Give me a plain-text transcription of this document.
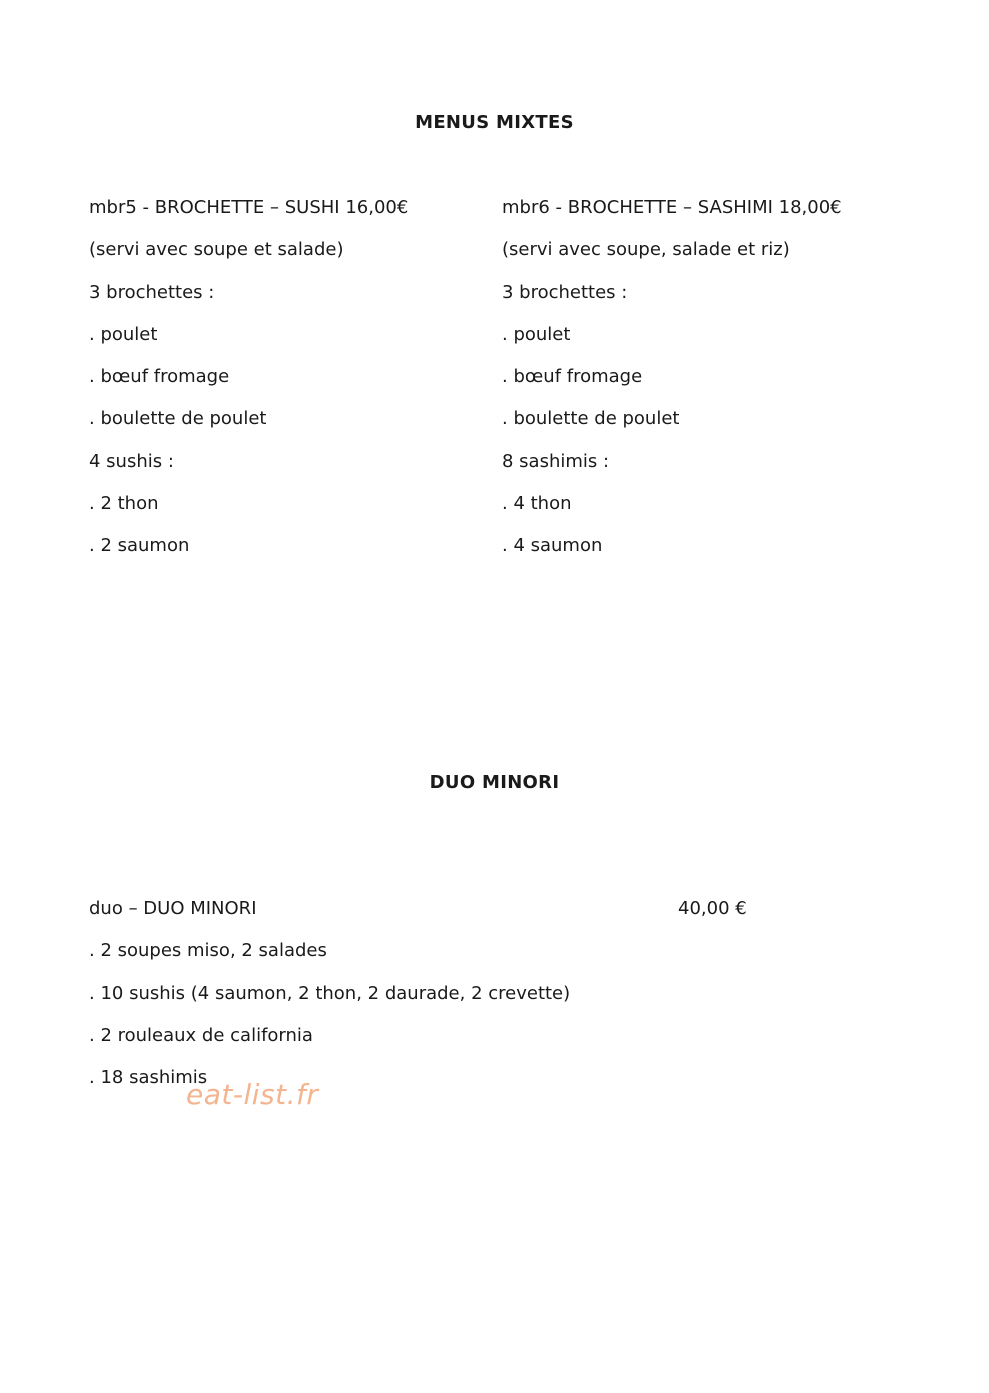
MENUS MIXTES
mbr5 - BROCHETTE – SUSHI 16,00€
(servi avec soupe et salade)
3 brochettes :
. poulet
. bœuf fromage
. boulette de poulet
4 sushis :
. 2 thon
. 2 saumon
mbr6 - BROCHETTE – SASHIMI 18,00€
(servi avec soupe, salade et riz)
3 brochettes :
. poulet
. bœuf fromage
. boulette de poulet
8 sashimis :
. 4 thon
. 4 saumon
DUO MINORI
duo – DUO MINORI
. 2 soupes miso, 2 salades
. 10 sushis (4 saumon, 2 thon, 2 daurade, 2 crevette)
. 2 rouleaux de california
. 18 sashimis
40,00 €
eat-list.fr
